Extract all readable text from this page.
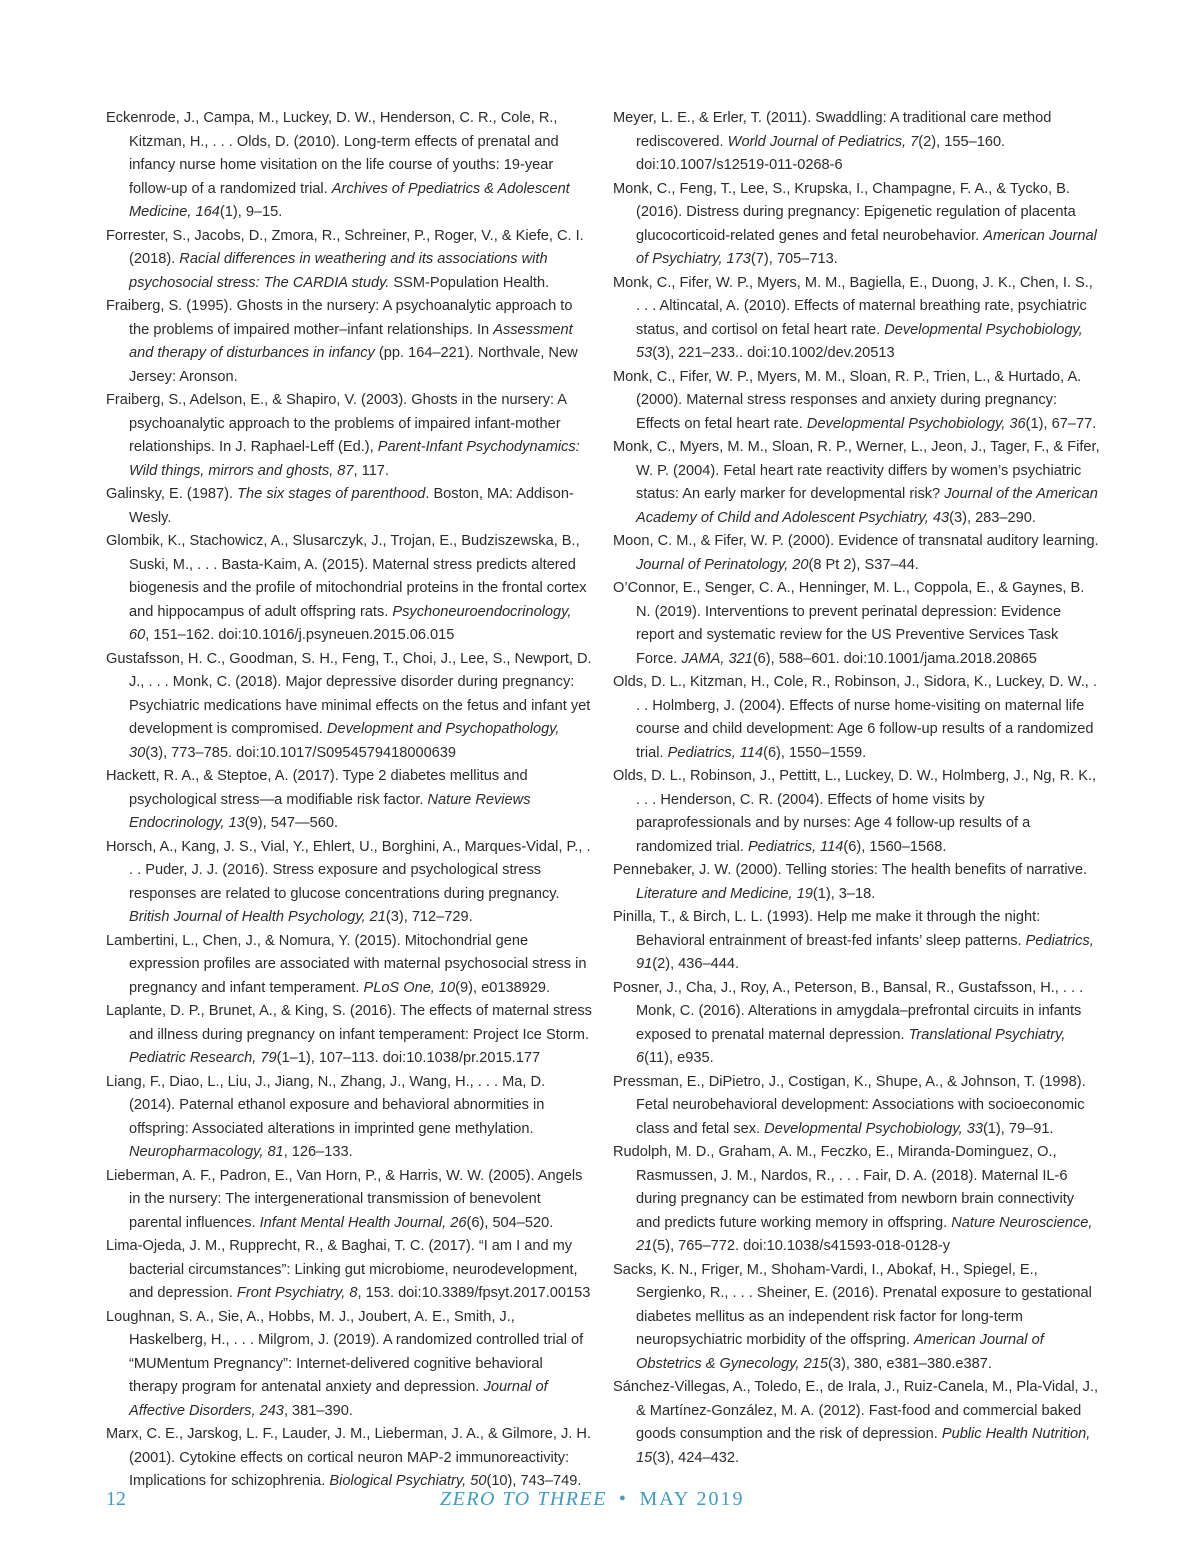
Eckenrode, J., Campa, M., Luckey, D. W., Henderson, C. R., Cole, R., Kitzman, H., . . . Olds, D. (2010). Long-term effects of prenatal and infancy nurse home visitation on the life course of youths: 19-year follow-up of a randomized trial. Archives of Ppediatrics & Adolescent Medicine, 164(1), 9–15.

Forrester, S., Jacobs, D., Zmora, R., Schreiner, P., Roger, V., & Kiefe, C. I. (2018). Racial differences in weathering and its associations with psychosocial stress: The CARDIA study. SSM-Population Health.

Fraiberg, S. (1995). Ghosts in the nursery: A psychoanalytic approach to the problems of impaired mother–infant relationships. In Assessment and therapy of disturbances in infancy (pp. 164–221). Northvale, New Jersey: Aronson.

Fraiberg, S., Adelson, E., & Shapiro, V. (2003). Ghosts in the nursery: A psychoanalytic approach to the problems of impaired infant-mother relationships. In J. Raphael-Leff (Ed.), Parent-Infant Psychodynamics: Wild things, mirrors and ghosts, 87, 117.

Galinsky, E. (1987). The six stages of parenthood. Boston, MA: Addison-Wesly.

Glombik, K., Stachowicz, A., Slusarczyk, J., Trojan, E., Budziszewska, B., Suski, M., . . . Basta-Kaim, A. (2015). Maternal stress predicts altered biogenesis and the profile of mitochondrial proteins in the frontal cortex and hippocampus of adult offspring rats. Psychoneuroendocrinology, 60, 151–162. doi:10.1016/j.psyneuen.2015.06.015

Gustafsson, H. C., Goodman, S. H., Feng, T., Choi, J., Lee, S., Newport, D. J., . . . Monk, C. (2018). Major depressive disorder during pregnancy: Psychiatric medications have minimal effects on the fetus and infant yet development is compromised. Development and Psychopathology, 30(3), 773–785. doi:10.1017/S0954579418000639

Hackett, R. A., & Steptoe, A. (2017). Type 2 diabetes mellitus and psychological stress—a modifiable risk factor. Nature Reviews Endocrinology, 13(9), 547—560.

Horsch, A., Kang, J. S., Vial, Y., Ehlert, U., Borghini, A., Marques-Vidal, P., . . . Puder, J. J. (2016). Stress exposure and psychological stress responses are related to glucose concentrations during pregnancy. British Journal of Health Psychology, 21(3), 712–729.

Lambertini, L., Chen, J., & Nomura, Y. (2015). Mitochondrial gene expression profiles are associated with maternal psychosocial stress in pregnancy and infant temperament. PLoS One, 10(9), e0138929.

Laplante, D. P., Brunet, A., & King, S. (2016). The effects of maternal stress and illness during pregnancy on infant temperament: Project Ice Storm. Pediatric Research, 79(1–1), 107–113. doi:10.1038/pr.2015.177

Liang, F., Diao, L., Liu, J., Jiang, N., Zhang, J., Wang, H., . . . Ma, D. (2014). Paternal ethanol exposure and behavioral abnormities in offspring: Associated alterations in imprinted gene methylation. Neuropharmacology, 81, 126–133.

Lieberman, A. F., Padron, E., Van Horn, P., & Harris, W. W. (2005). Angels in the nursery: The intergenerational transmission of benevolent parental influences. Infant Mental Health Journal, 26(6), 504–520.

Lima-Ojeda, J. M., Rupprecht, R., & Baghai, T. C. (2017). “I am I and my bacterial circumstances”: Linking gut microbiome, neurodevelopment, and depression. Front Psychiatry, 8, 153. doi:10.3389/fpsyt.2017.00153

Loughnan, S. A., Sie, A., Hobbs, M. J., Joubert, A. E., Smith, J., Haskelberg, H., . . . Milgrom, J. (2019). A randomized controlled trial of “MUMentum Pregnancy”: Internet-delivered cognitive behavioral therapy program for antenatal anxiety and depression. Journal of Affective Disorders, 243, 381–390.

Marx, C. E., Jarskog, L. F., Lauder, J. M., Lieberman, J. A., & Gilmore, J. H. (2001). Cytokine effects on cortical neuron MAP-2 immunoreactivity: Implications for schizophrenia. Biological Psychiatry, 50(10), 743–749.

Meyer, L. E., & Erler, T. (2011). Swaddling: A traditional care method rediscovered. World Journal of Pediatrics, 7(2), 155–160. doi:10.1007/s12519-011-0268-6

Monk, C., Feng, T., Lee, S., Krupska, I., Champagne, F. A., & Tycko, B. (2016). Distress during pregnancy: Epigenetic regulation of placenta glucocorticoid-related genes and fetal neurobehavior. American Journal of Psychiatry, 173(7), 705–713.

Monk, C., Fifer, W. P., Myers, M. M., Bagiella, E., Duong, J. K., Chen, I. S., . . . Altincatal, A. (2010). Effects of maternal breathing rate, psychiatric status, and cortisol on fetal heart rate. Developmental Psychobiology, 53(3), 221–233.. doi:10.1002/dev.20513

Monk, C., Fifer, W. P., Myers, M. M., Sloan, R. P., Trien, L., & Hurtado, A. (2000). Maternal stress responses and anxiety during pregnancy: Effects on fetal heart rate. Developmental Psychobiology, 36(1), 67–77.

Monk, C., Myers, M. M., Sloan, R. P., Werner, L., Jeon, J., Tager, F., & Fifer, W. P. (2004). Fetal heart rate reactivity differs by women’s psychiatric status: An early marker for developmental risk? Journal of the American Academy of Child and Adolescent Psychiatry, 43(3), 283–290.

Moon, C. M., & Fifer, W. P. (2000). Evidence of transnatal auditory learning. Journal of Perinatology, 20(8 Pt 2), S37–44.

O’Connor, E., Senger, C. A., Henninger, M. L., Coppola, E., & Gaynes, B. N. (2019). Interventions to prevent perinatal depression: Evidence report and systematic review for the US Preventive Services Task Force. JAMA, 321(6), 588–601. doi:10.1001/jama.2018.20865

Olds, D. L., Kitzman, H., Cole, R., Robinson, J., Sidora, K., Luckey, D. W., . . . Holmberg, J. (2004). Effects of nurse home-visiting on maternal life course and child development: Age 6 follow-up results of a randomized trial. Pediatrics, 114(6), 1550–1559.

Olds, D. L., Robinson, J., Pettitt, L., Luckey, D. W., Holmberg, J., Ng, R. K., . . . Henderson, C. R. (2004). Effects of home visits by paraprofessionals and by nurses: Age 4 follow-up results of a randomized trial. Pediatrics, 114(6), 1560–1568.

Pennebaker, J. W. (2000). Telling stories: The health benefits of narrative. Literature and Medicine, 19(1), 3–18.

Pinilla, T., & Birch, L. L. (1993). Help me make it through the night: Behavioral entrainment of breast-fed infants’ sleep patterns. Pediatrics, 91(2), 436–444.

Posner, J., Cha, J., Roy, A., Peterson, B., Bansal, R., Gustafsson, H., . . . Monk, C. (2016). Alterations in amygdala–prefrontal circuits in infants exposed to prenatal maternal depression. Translational Psychiatry, 6(11), e935.

Pressman, E., DiPietro, J., Costigan, K., Shupe, A., & Johnson, T. (1998). Fetal neurobehavioral development: Associations with socioeconomic class and fetal sex. Developmental Psychobiology, 33(1), 79–91.

Rudolph, M. D., Graham, A. M., Feczko, E., Miranda-Dominguez, O., Rasmussen, J. M., Nardos, R., . . . Fair, D. A. (2018). Maternal IL-6 during pregnancy can be estimated from newborn brain connectivity and predicts future working memory in offspring. Nature Neuroscience, 21(5), 765–772. doi:10.1038/s41593-018-0128-y

Sacks, K. N., Friger, M., Shoham-Vardi, I., Abokaf, H., Spiegel, E., Sergienko, R., . . . Sheiner, E. (2016). Prenatal exposure to gestational diabetes mellitus as an independent risk factor for long-term neuropsychiatric morbidity of the offspring. American Journal of Obstetrics & Gynecology, 215(3), 380, e381–380.e387.

Sánchez-Villegas, A., Toledo, E., de Irala, J., Ruiz-Canela, M., Pla-Vidal, J., & Martínez-González, M. A. (2012). Fast-food and commercial baked goods consumption and the risk of depression. Public Health Nutrition, 15(3), 424–432.

12	ZERO TO THREE • MAY 2019
